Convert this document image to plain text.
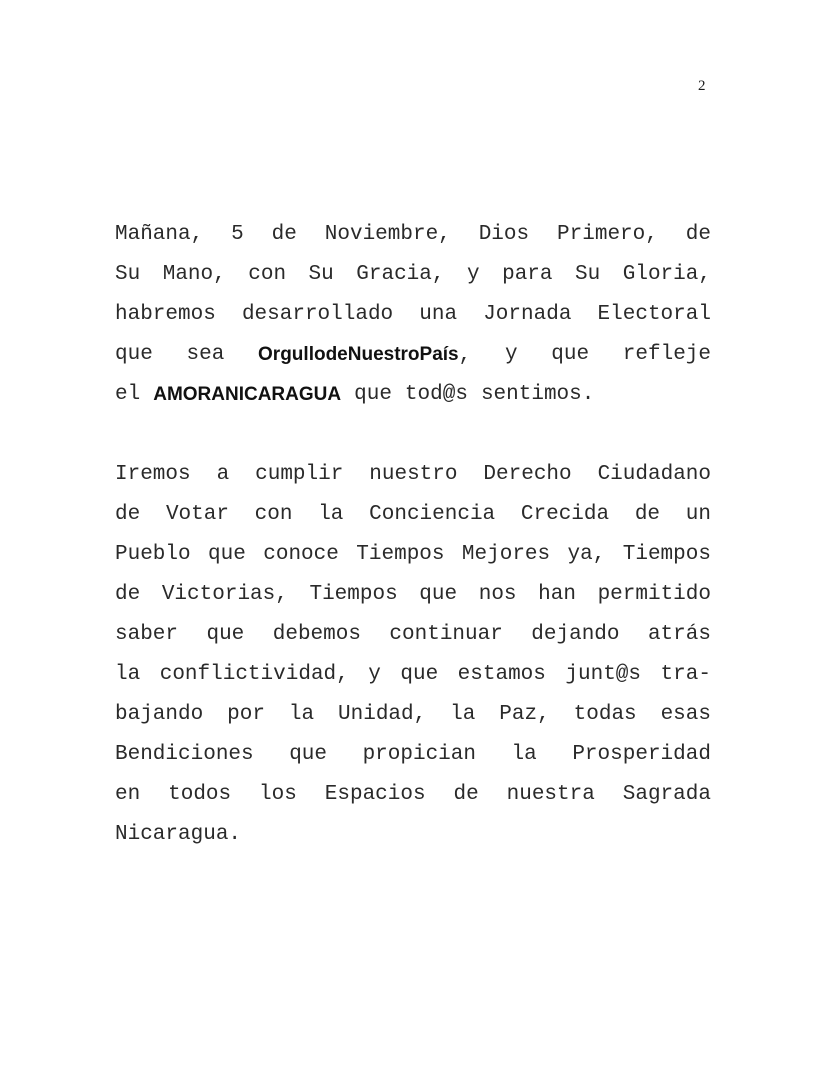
2
Mañana, 5 de Noviembre, Dios Primero, de
Su Mano, con Su Gracia, y para Su Gloria,
habremos desarrollado una Jornada Electoral
que sea OrgullodeNuestroPaís, y que refleje
el AMORANICARAGUA que tod@s sentimos.
Iremos a cumplir nuestro Derecho Ciudadano
de Votar con la Conciencia Crecida de un
Pueblo que conoce Tiempos Mejores ya, Tiempos
de Victorias, Tiempos que nos han permitido
saber que debemos continuar dejando atrás
la conflictividad, y que estamos junt@s tra-
bajando por la Unidad, la Paz, todas esas
Bendiciones que propician la Prosperidad
en todos los Espacios de nuestra Sagrada
Nicaragua.
